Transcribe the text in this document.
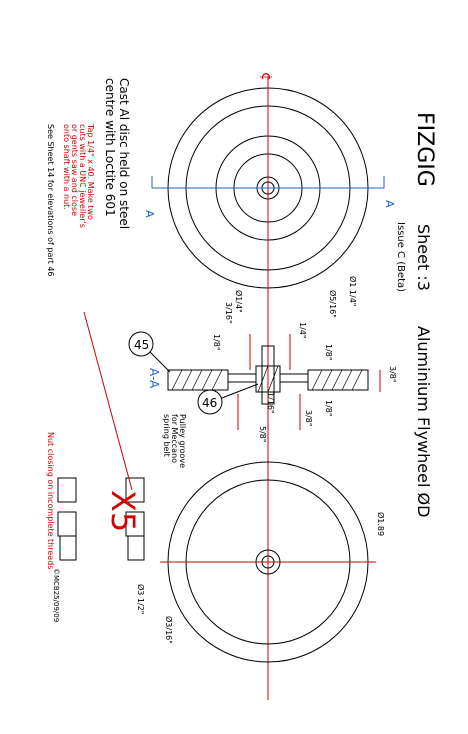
A
A
¢
45
46
A-A
X5
Ø1 1/4"
Ø5/16"
Ø1/4"
3/16"
1/4"
1/8"
1/8"
3/8"
1/8"
3/8"
1/16"
5/8"
Ø3 1/2"
Ø3/16"
Ø1.89
FIZGIG
Sheet :3
Aluminium Flywheel ØD
Issue C (Beta)
Cast Al disc held on steel
centre with Loctite 601
Tap 1/4" x 40. Make two
cuts with a UNC jeweller's
or gents saw and close
onto shaft with a nut.
See Sheet 14 for elevations of part 46
Pulley groove
for Meccano
spring belt
Nut closing on incomplete threads
©MCB25/09/09
